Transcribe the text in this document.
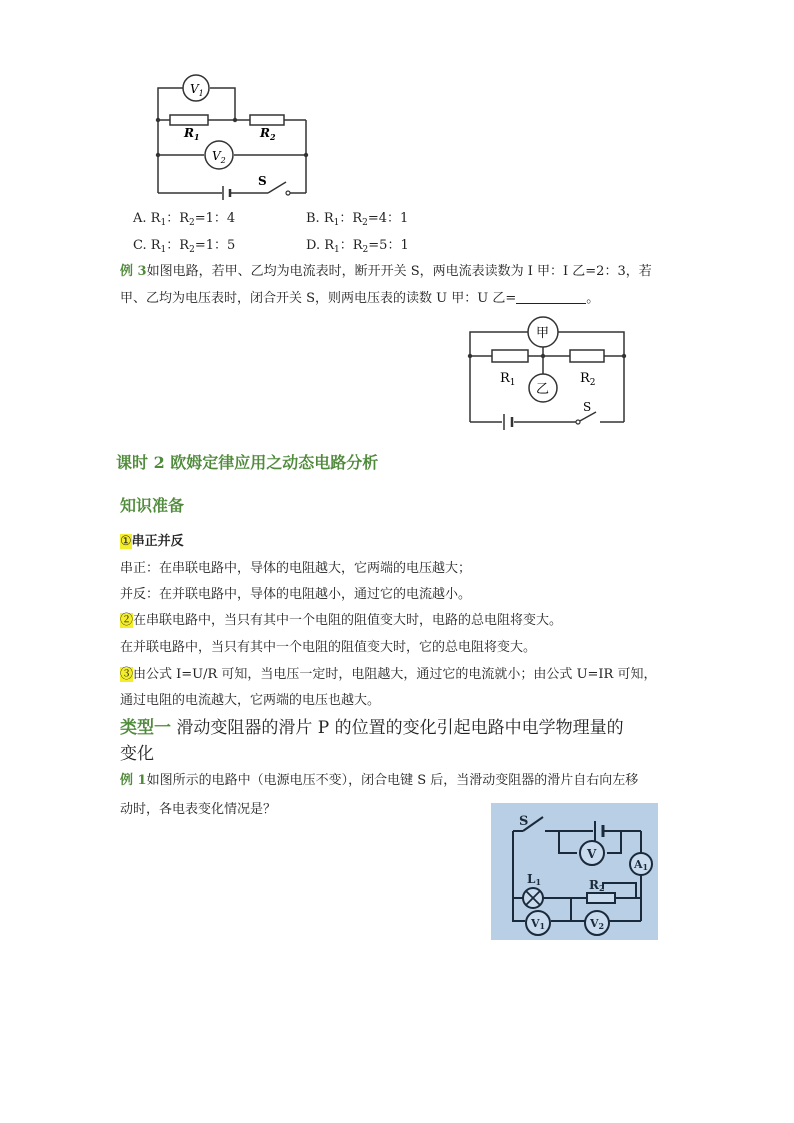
$V_1$
$R_1$	$R_2$
$V_2$
S
A. $R_1$：$R_2=1$：4	B. $R_1$：$R_2=4$：1
C. $R_1$：$R_2=1$：5	D. $R_1$：$R_2=5$：1
例 3如图电路，若甲、乙均为电流表时，断开开关 S，两电流表读数为 I 甲：I 乙=2：3，若
甲、乙均为电压表时，闭合开关 S，则两电压表的读数 U 甲：U 乙=	。
甲
$R_1$	$R_2$
乙
S
课时 2 欧姆定律应用之动态电路分析
知识准备
①串正并反
串正：在串联电路中，导体的电阻越大，它两端的电压越大；
并反：在并联电路中，导体的电阻越小，通过它的电流越小。
②在串联电路中，当只有其中一个电阻的阻值变大时，电路的总电阻将变大。
在并联电路中，当只有其中一个电阻的阻值变大时，它的总电阻将变大。
③由公式 I=U/R 可知，当电压一定时，电阻越大，通过它的电流就小；由公式 U=IR 可知，
通过电阻的电流越大，它两端的电压也越大。
类型一 滑动变阻器的滑片 P 的位置的变化引起电路中电学物理量的
变化
例 1如图所示的电路中（电源电压不变），闭合电键 S 后，当滑动变阻器的滑片自右向左移
动时，各电表变化情况是？
S
V
A1
L1	R2
V1	V2
